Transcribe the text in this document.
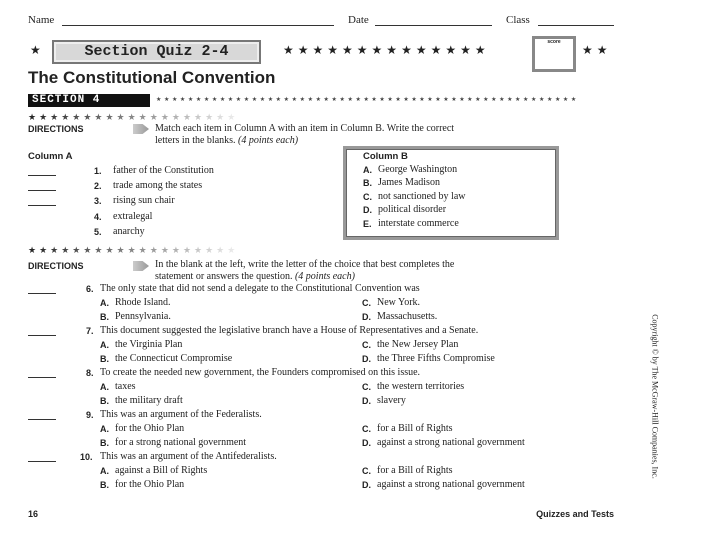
Name	Date	Class
★	Section Quiz 2-4	★★★★★★★★★★★★★★
score
★★
The Constitutional Convention
SECTION 4	★★★★★★★★★★★★★★★★★★★★★★★★★★★★★★★★★★★★★★★★★★★★★★★★★★★★★
★★★★★★★★★★★★★★★★★★★
DIRECTIONS	Match each item in Column A with an item in Column B. Write the correct
letters in the blanks. (4 points each)
Column A
1. father of the Constitution
2. trade among the states
3. rising sun chair
4. extralegal
5. anarchy
Column B
A. George Washington
B. James Madison
C. not sanctioned by law
D. political disorder
E. interstate commerce
★★★★★★★★★★★★★★★★★★★
DIRECTIONS	In the blank at the left, write the letter of the choice that best completes the
statement or answers the question. (4 points each)
6. The only state that did not send a delegate to the Constitutional Convention was
A. Rhode Island.	C. New York.
B. Pennsylvania.	D. Massachusetts.
7. This document suggested the legislative branch have a House of Representatives and a Senate.
A. the Virginia Plan	C. the New Jersey Plan
B. the Connecticut Compromise	D. the Three Fifths Compromise
8. To create the needed new government, the Founders compromised on this issue.
A. taxes	C. the western territories
B. the military draft	D. slavery
9. This was an argument of the Federalists.
A. for the Ohio Plan	C. for a Bill of Rights
B. for a strong national government	D. against a strong national government
10. This was an argument of the Antifederalists.
A. against a Bill of Rights	C. for a Bill of Rights
B. for the Ohio Plan	D. against a strong national government
Copyright © by The McGraw-Hill Companies, Inc.
16	Quizzes and Tests
